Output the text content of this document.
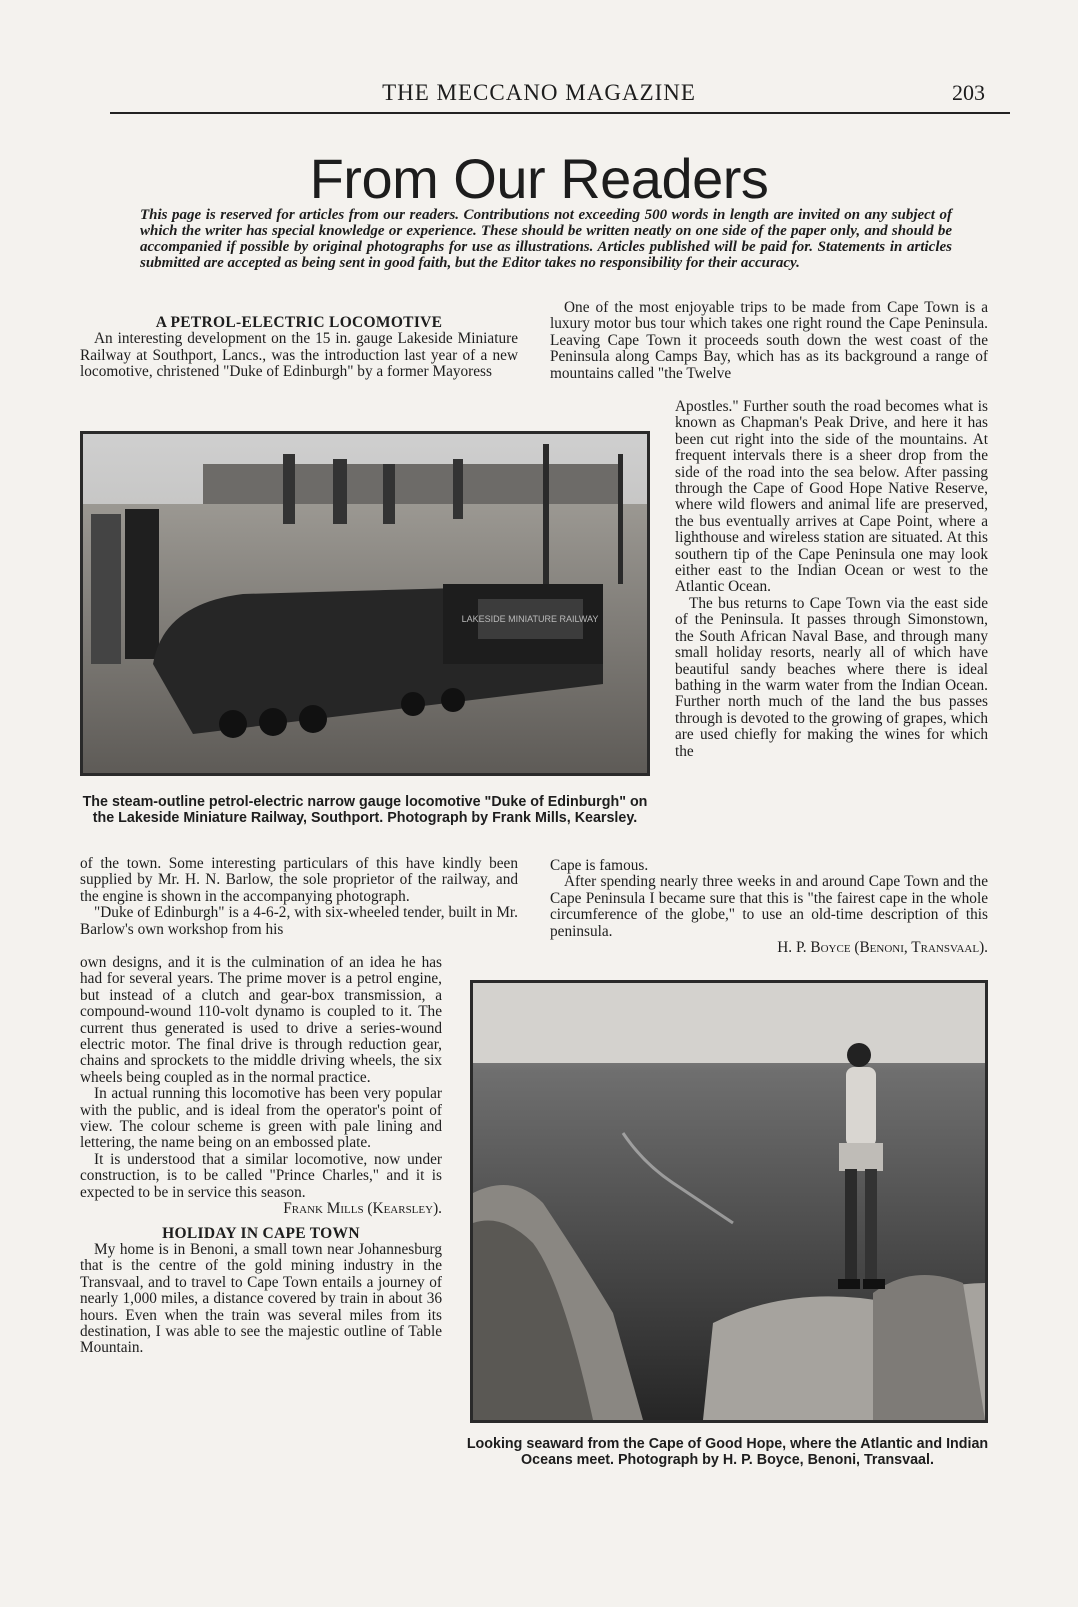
THE MECCANO MAGAZINE	203
From Our Readers
This page is reserved for articles from our readers. Contributions not exceeding 500 words in length are invited on any subject of which the writer has special knowledge or experience. These should be written neatly on one side of the paper only, and should be accompanied if possible by original photographs for use as illustrations. Articles published will be paid for. Statements in articles submitted are accepted as being sent in good faith, but the Editor takes no responsibility for their accuracy.
A PETROL-ELECTRIC LOCOMOTIVE

An interesting development on the 15 in. gauge Lakeside Miniature Railway at Southport, Lancs., was the introduction last year of a new locomotive, christened "Duke of Edinburgh" by a former Mayoress

LAKESIDE MINIATURE RAILWAY
The steam-outline petrol-electric narrow gauge locomotive "Duke of Edinburgh" on the Lakeside Miniature Railway, Southport. Photograph by Frank Mills, Kearsley.

of the town. Some interesting particulars of this have kindly been supplied by Mr. H. N. Barlow, the sole proprietor of the railway, and the engine is shown in the accompanying photograph.

"Duke of Edinburgh" is a 4-6-2, with six-wheeled tender, built in Mr. Barlow's own workshop from his

own designs, and it is the culmination of an idea he has had for several years. The prime mover is a petrol engine, but instead of a clutch and gear-box transmission, a compound-wound 110-volt dynamo is coupled to it. The current thus generated is used to drive a series-wound electric motor. The final drive is through reduction gear, chains and sprockets to the middle driving wheels, the six wheels being coupled as in the normal practice.

In actual running this locomotive has been very popular with the public, and is ideal from the operator's point of view. The colour scheme is green with pale lining and lettering, the name being on an embossed plate.

It is understood that a similar locomotive, now under construction, is to be called "Prince Charles," and it is expected to be in service this season.

Frank Mills (Kearsley).
HOLIDAY IN CAPE TOWN

My home is in Benoni, a small town near Johannesburg that is the centre of the gold mining industry in the Transvaal, and to travel to Cape Town entails a journey of nearly 1,000 miles, a distance covered by train in about 36 hours. Even when the train was several miles from its destination, I was able to see the majestic outline of Table Mountain.

One of the most enjoyable trips to be made from Cape Town is a luxury motor bus tour which takes one right round the Cape Peninsula. Leaving Cape Town it proceeds south down the west coast of the Peninsula along Camps Bay, which has as its background a range of mountains called "the Twelve

Apostles." Further south the road becomes what is known as Chapman's Peak Drive, and here it has been cut right into the side of the mountains. At frequent intervals there is a sheer drop from the side of the road into the sea below. After passing through the Cape of Good Hope Native Reserve, where wild flowers and animal life are preserved, the bus eventually arrives at Cape Point, where a lighthouse and wireless station are situated. At this southern tip of the Cape Peninsula one may look either east to the Indian Ocean or west to the Atlantic Ocean.

The bus returns to Cape Town via the east side of the Peninsula. It passes through Simonstown, the South African Naval Base, and through many small holiday resorts, nearly all of which have beautiful sandy beaches where there is ideal bathing in the warm water from the Indian Ocean. Further north much of the land the bus passes through is devoted to the growing of grapes, which are used chiefly for making the wines for which the

Cape is famous.

After spending nearly three weeks in and around Cape Town and the Cape Peninsula I became sure that this is "the fairest cape in the whole circumference of the globe," to use an old-time description of this peninsula.

H. P. Boyce (Benoni, Transvaal).
Looking seaward from the Cape of Good Hope, where the Atlantic and Indian Oceans meet. Photograph by H. P. Boyce, Benoni, Transvaal.
